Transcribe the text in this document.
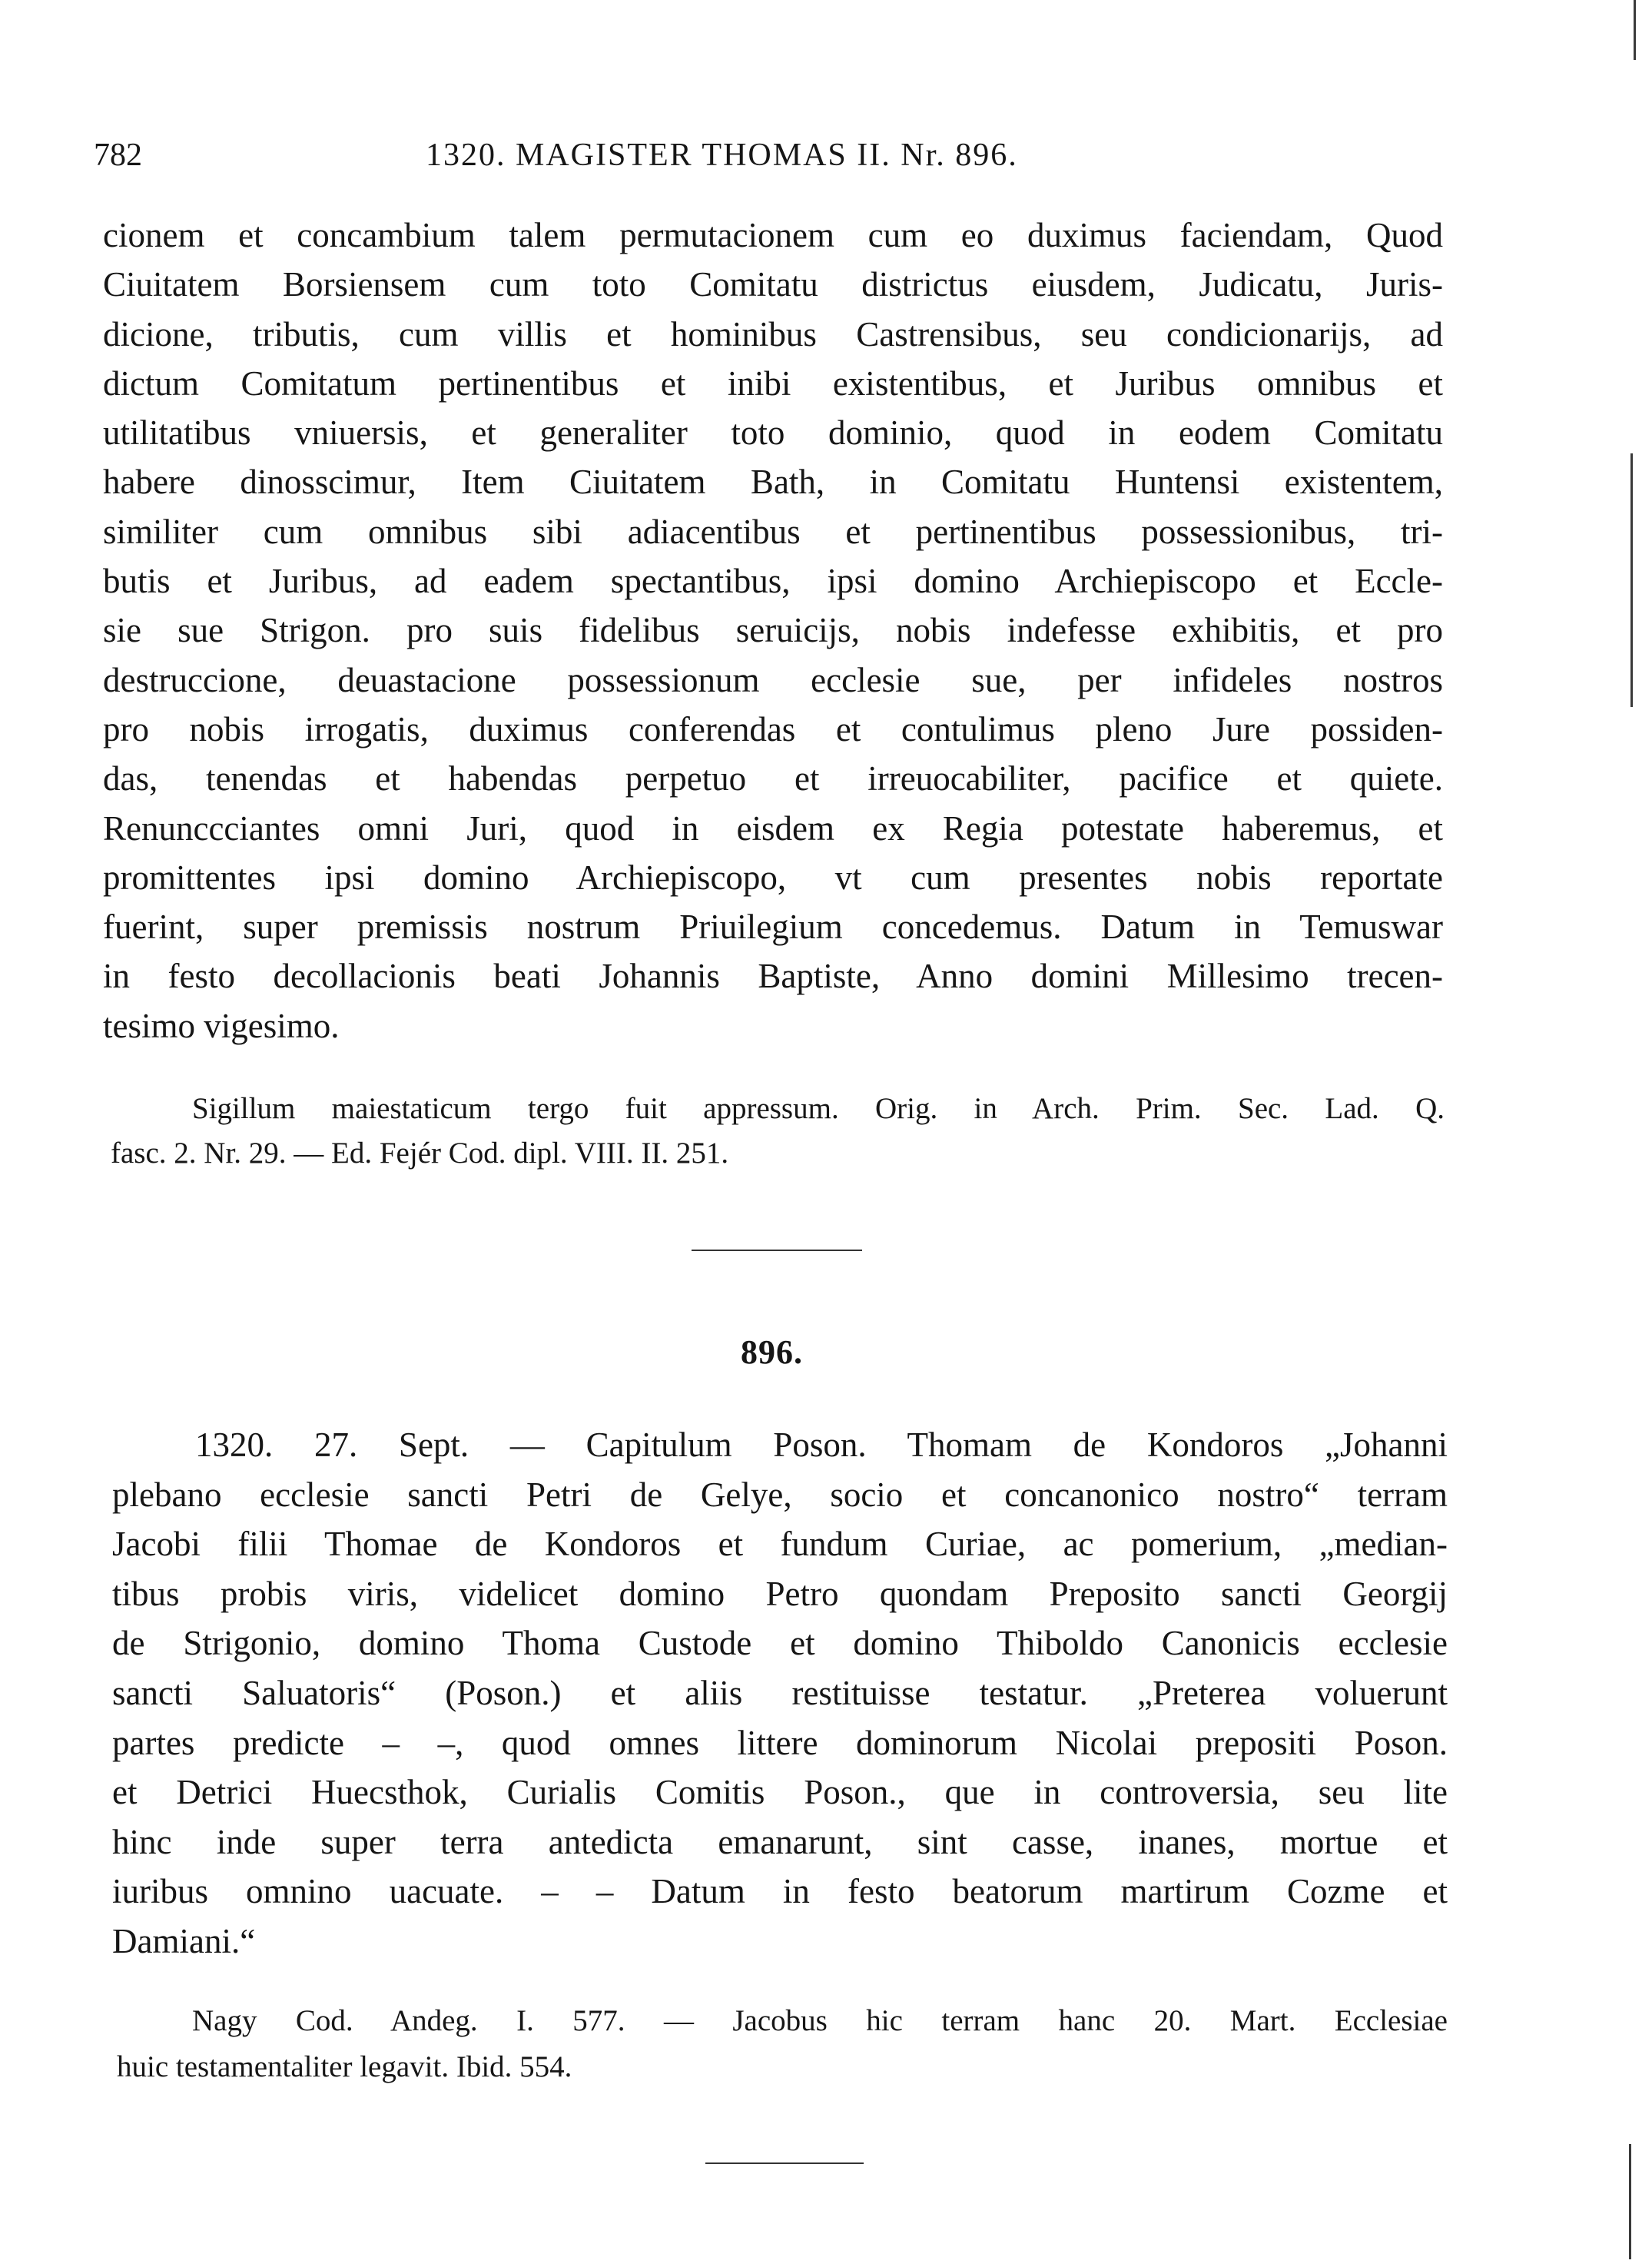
782	1320. MAGISTER THOMAS II. Nr. 896.
cionem et concambium talem permutacionem cum eo duximus faciendam, Quod
Ciuitatem Borsiensem cum toto Comitatu districtus eiusdem, Judicatu, Juris-
dicione, tributis, cum villis et hominibus Castrensibus, seu condicionarijs, ad
dictum Comitatum pertinentibus et inibi existentibus, et Juribus omnibus et
utilitatibus vniuersis, et generaliter toto dominio, quod in eodem Comitatu
habere dinosscimur, Item Ciuitatem Bath, in Comitatu Huntensi existentem,
similiter cum omnibus sibi adiacentibus et pertinentibus possessionibus, tri-
butis et Juribus, ad eadem spectantibus, ipsi domino Archiepiscopo et Eccle-
sie sue Strigon. pro suis fidelibus seruicijs, nobis indefesse exhibitis, et pro
destruccione, deuastacione possessionum ecclesie sue, per infideles nostros
pro nobis irrogatis, duximus conferendas et contulimus pleno Jure possiden-
das, tenendas et habendas perpetuo et irreuocabiliter, pacifice et quiete.
Renunccciantes omni Juri, quod in eisdem ex Regia potestate haberemus, et
promittentes ipsi domino Archiepiscopo, vt cum presentes nobis reportate
fuerint, super premissis nostrum Priuilegium concedemus. Datum in Temuswar
in festo decollacionis beati Johannis Baptiste, Anno domini Millesimo trecen-
tesimo vigesimo.
Sigillum maiestaticum tergo fuit appressum. Orig. in Arch. Prim. Sec. Lad. Q.
fasc. 2. Nr. 29. — Ed. Fejér Cod. dipl. VIII. II. 251.
896.
1320. 27. Sept. — Capitulum Poson. Thomam de Kondoros „Johanni
plebano ecclesie sancti Petri de Gelye, socio et concanonico nostro“ terram
Jacobi filii Thomae de Kondoros et fundum Curiae, ac pomerium, „median-
tibus probis viris, videlicet domino Petro quondam Preposito sancti Georgij
de Strigonio, domino Thoma Custode et domino Thiboldo Canonicis ecclesie
sancti Saluatoris“ (Poson.) et aliis restituisse testatur. „Preterea voluerunt
partes predicte – –, quod omnes littere dominorum Nicolai prepositi Poson.
et Detrici Huecsthok, Curialis Comitis Poson., que in controversia, seu lite
hinc inde super terra antedicta emanarunt, sint casse, inanes, mortue et
iuribus omnino uacuate. – – Datum in festo beatorum martirum Cozme et
Damiani.“
Nagy Cod. Andeg. I. 577. — Jacobus hic terram hanc 20. Mart. Ecclesiae
huic testamentaliter legavit. Ibid. 554.
